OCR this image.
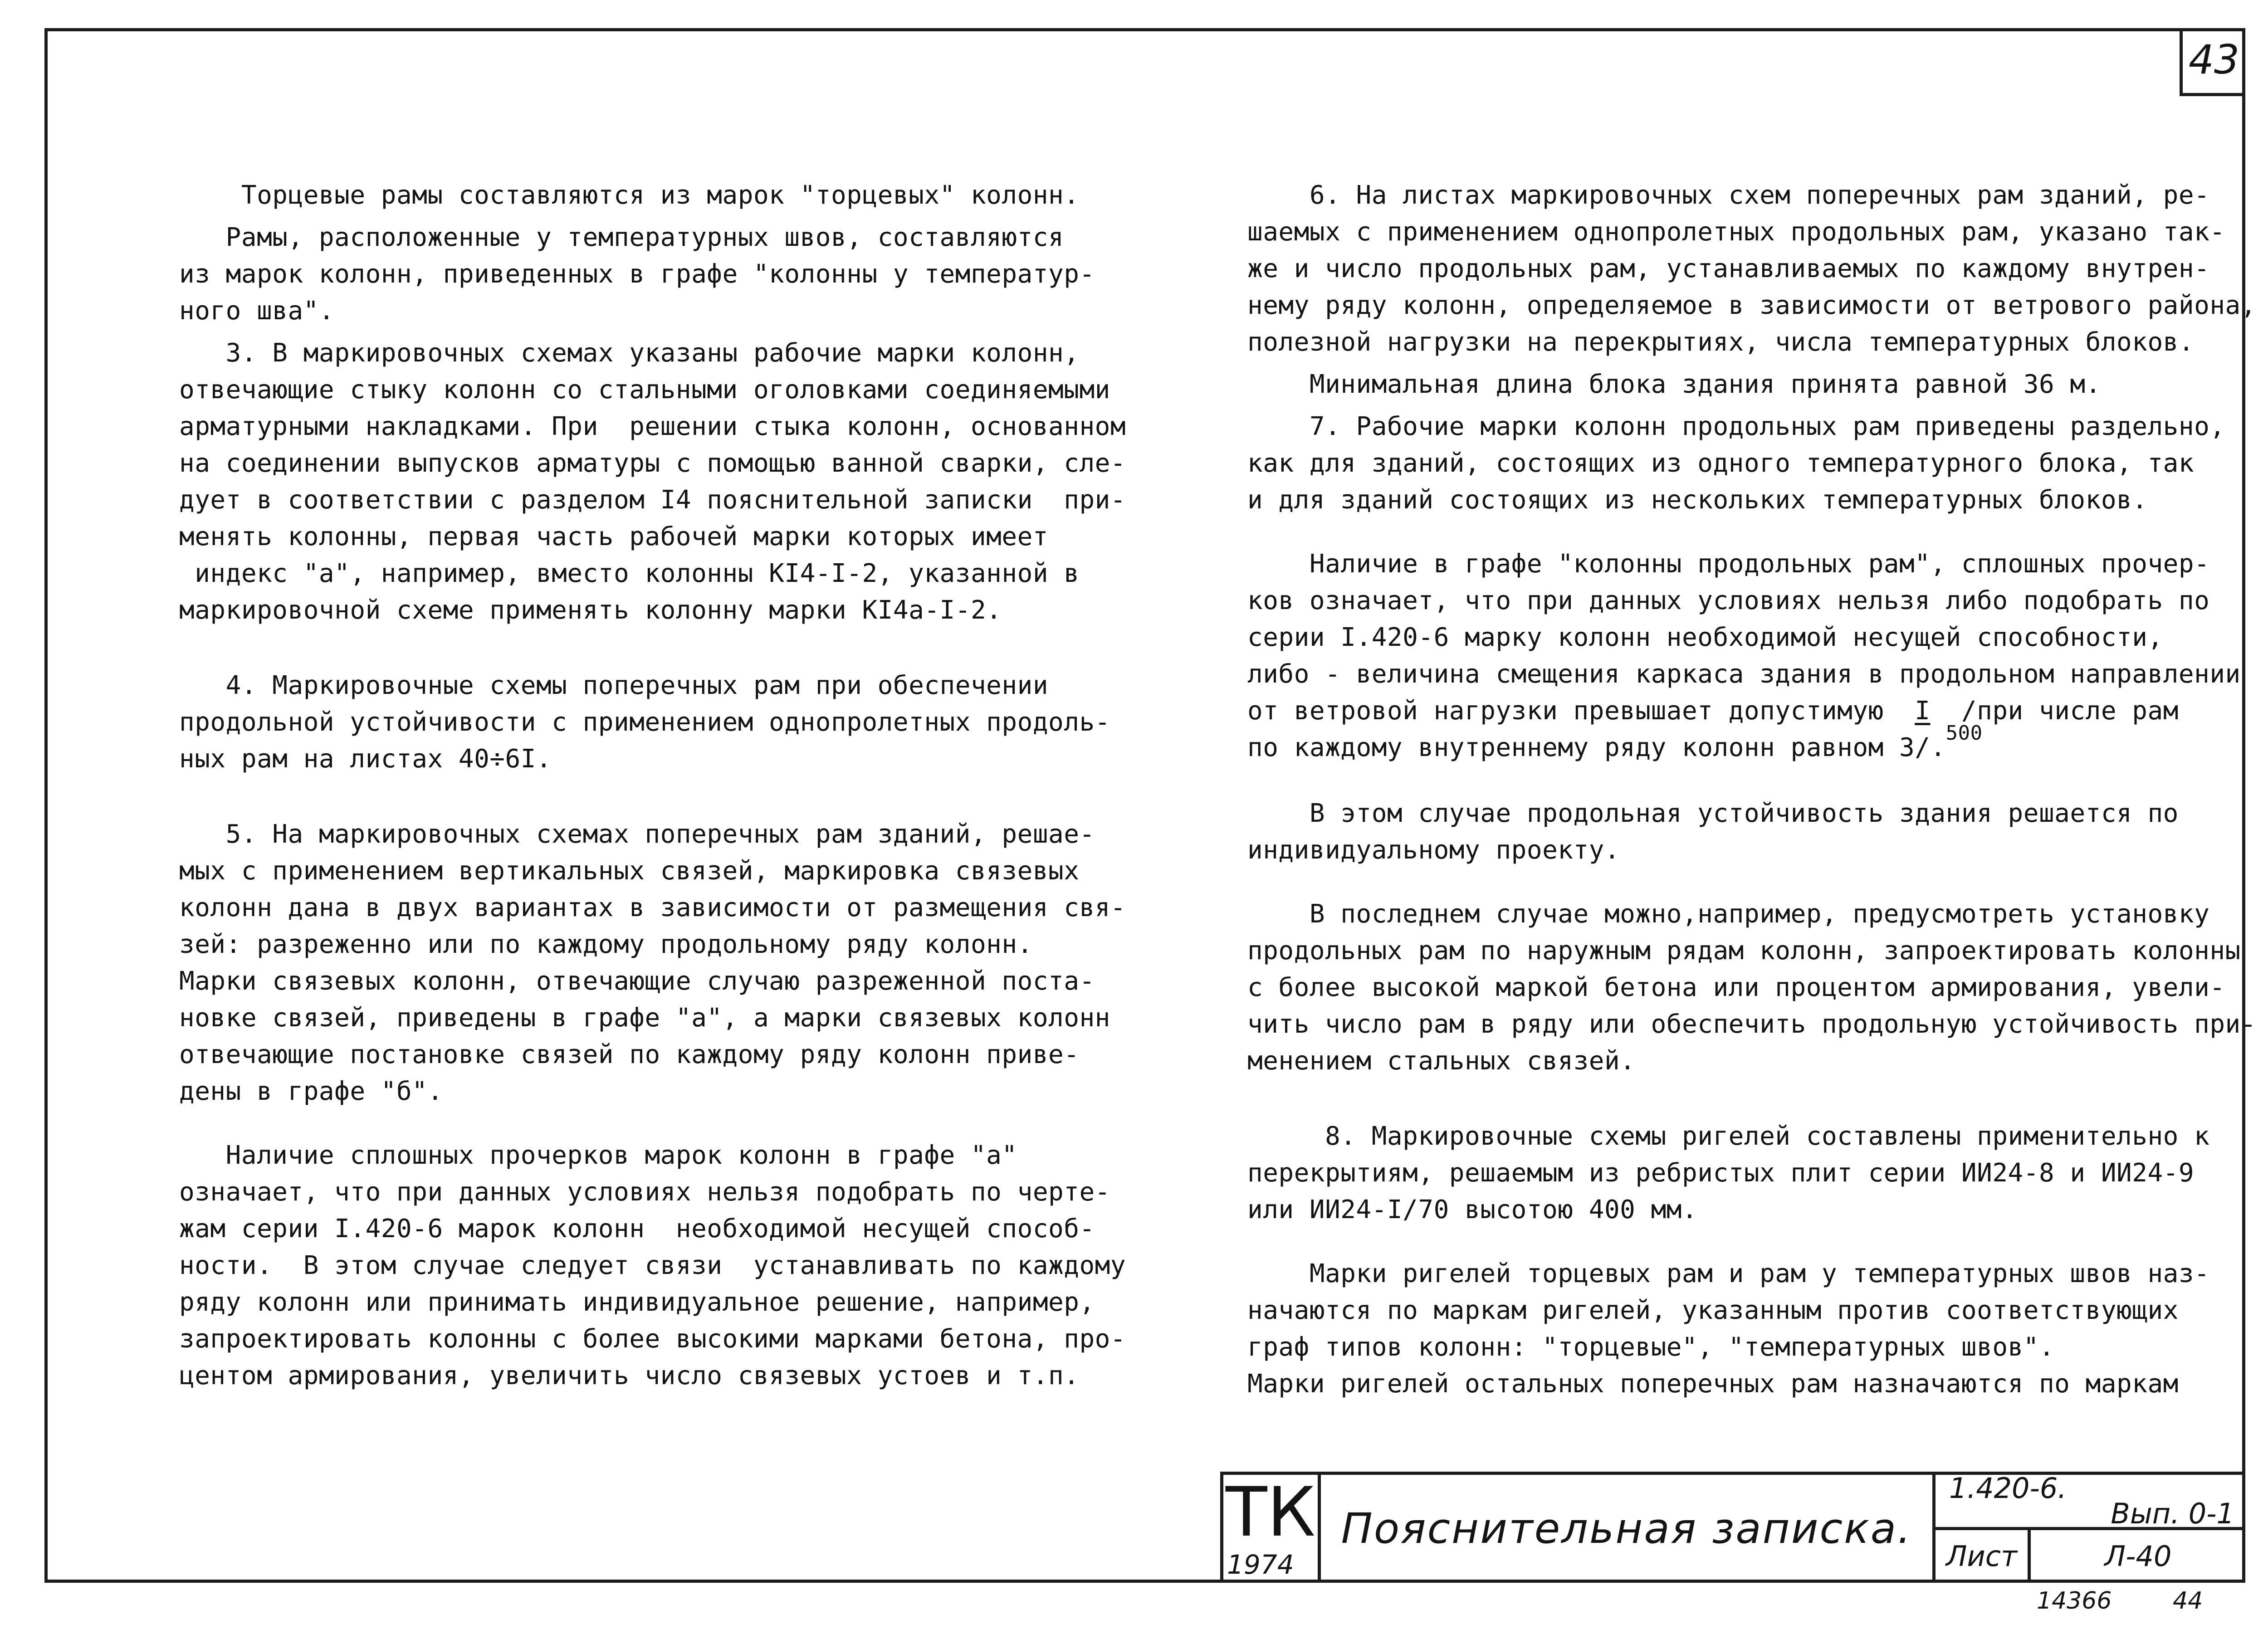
43

Торцевые рамы составляются из марок "торцевых" колонн.

Рамы, расположенные у температурных швов, составляются
из марок колонн, приведенных в графе "колонны у температур-
ного шва".

3. В маркировочных схемах указаны рабочие марки колонн,
отвечающие стыку колонн со стальными оголовками соединяемыми
арматурными накладками. При  решении стыка колонн, основанном
на соединении выпусков арматуры с помощью ванной сварки, сле-
дует в соответствии с разделом I4 пояснительной записки  при-
менять колонны, первая часть рабочей марки которых имеет
индекс "а", например, вместо колонны КI4-I-2, указанной в
маркировочной схеме применять колонну марки КI4а-I-2.

4. Маркировочные схемы поперечных рам при обеспечении
продольной устойчивости с применением однопролетных продоль-
ных рам на листах 40÷6I.

5. На маркировочных схемах поперечных рам зданий, решае-
мых с применением вертикальных связей, маркировка связевых
колонн дана в двух вариантах в зависимости от размещения свя-
зей: разреженно или по каждому продольному ряду колонн.
Марки связевых колонн, отвечающие случаю разреженной поста-
новке связей, приведены в графе "а", а марки связевых колонн
отвечающие постановке связей по каждому ряду колонн приве-
дены в графе "б".

Наличие сплошных прочерков марок колонн в графе "а"
означает, что при данных условиях нельзя подобрать по черте-
жам серии I.420-6 марок колонн  необходимой несущей способ-
ности.  В этом случае следует связи  устанавливать по каждому
ряду колонн или принимать индивидуальное решение, например,
запроектировать колонны с более высокими марками бетона, про-
центом армирования, увеличить число связевых устоев и т.п.

6. На листах маркировочных схем поперечных рам зданий, ре-
шаемых с применением однопролетных продольных рам, указано так-
же и число продольных рам, устанавливаемых по каждому внутрен-
нему ряду колонн, определяемое в зависимости от ветрового района,
полезной нагрузки на перекрытиях, числа температурных блоков.

Минимальная длина блока здания принята равной 36 м.

7. Рабочие марки колонн продольных рам приведены раздельно,
как для зданий, состоящих из одного температурного блока, так
и для зданий состоящих из нескольких температурных блоков.

Наличие в графе "колонны продольных рам", сплошных прочер-
ков означает, что при данных условиях нельзя либо подобрать по
серии I.420-6 марку колонн необходимой несущей способности,
либо - величина смещения каркаса здания в продольном направлении
от ветровой нагрузки превышает допустимую I /при числе рам

по каждому внутреннему ряду колонн равном 3/.$^{500}$

В этом случае продольная устойчивость здания решается по
индивидуальному проекту.

В последнем случае можно,например, предусмотреть установку
продольных рам по наружным рядам колонн, запроектировать колонны
с более высокой маркой бетона или процентом армирования, увели-
чить число рам в ряду или обеспечить продольную устойчивость при-
менением стальных связей.

8. Маркировочные схемы ригелей составлены применительно к
перекрытиям, решаемым из ребристых плит серии ИИ24-8 и ИИ24-9
или ИИ24-I/70 высотою 400 мм.

Марки ригелей торцевых рам и рам у температурных швов наз-
начаются по маркам ригелей, указанным против соответствующих
граф типов колонн: "торцевые", "температурных швов".
Марки ригелей остальных поперечных рам назначаются по маркам

ТК
1974
Пояснительная записка.
1.420-6.
Вып. 0-1
Лист	Л-40
14366	44
